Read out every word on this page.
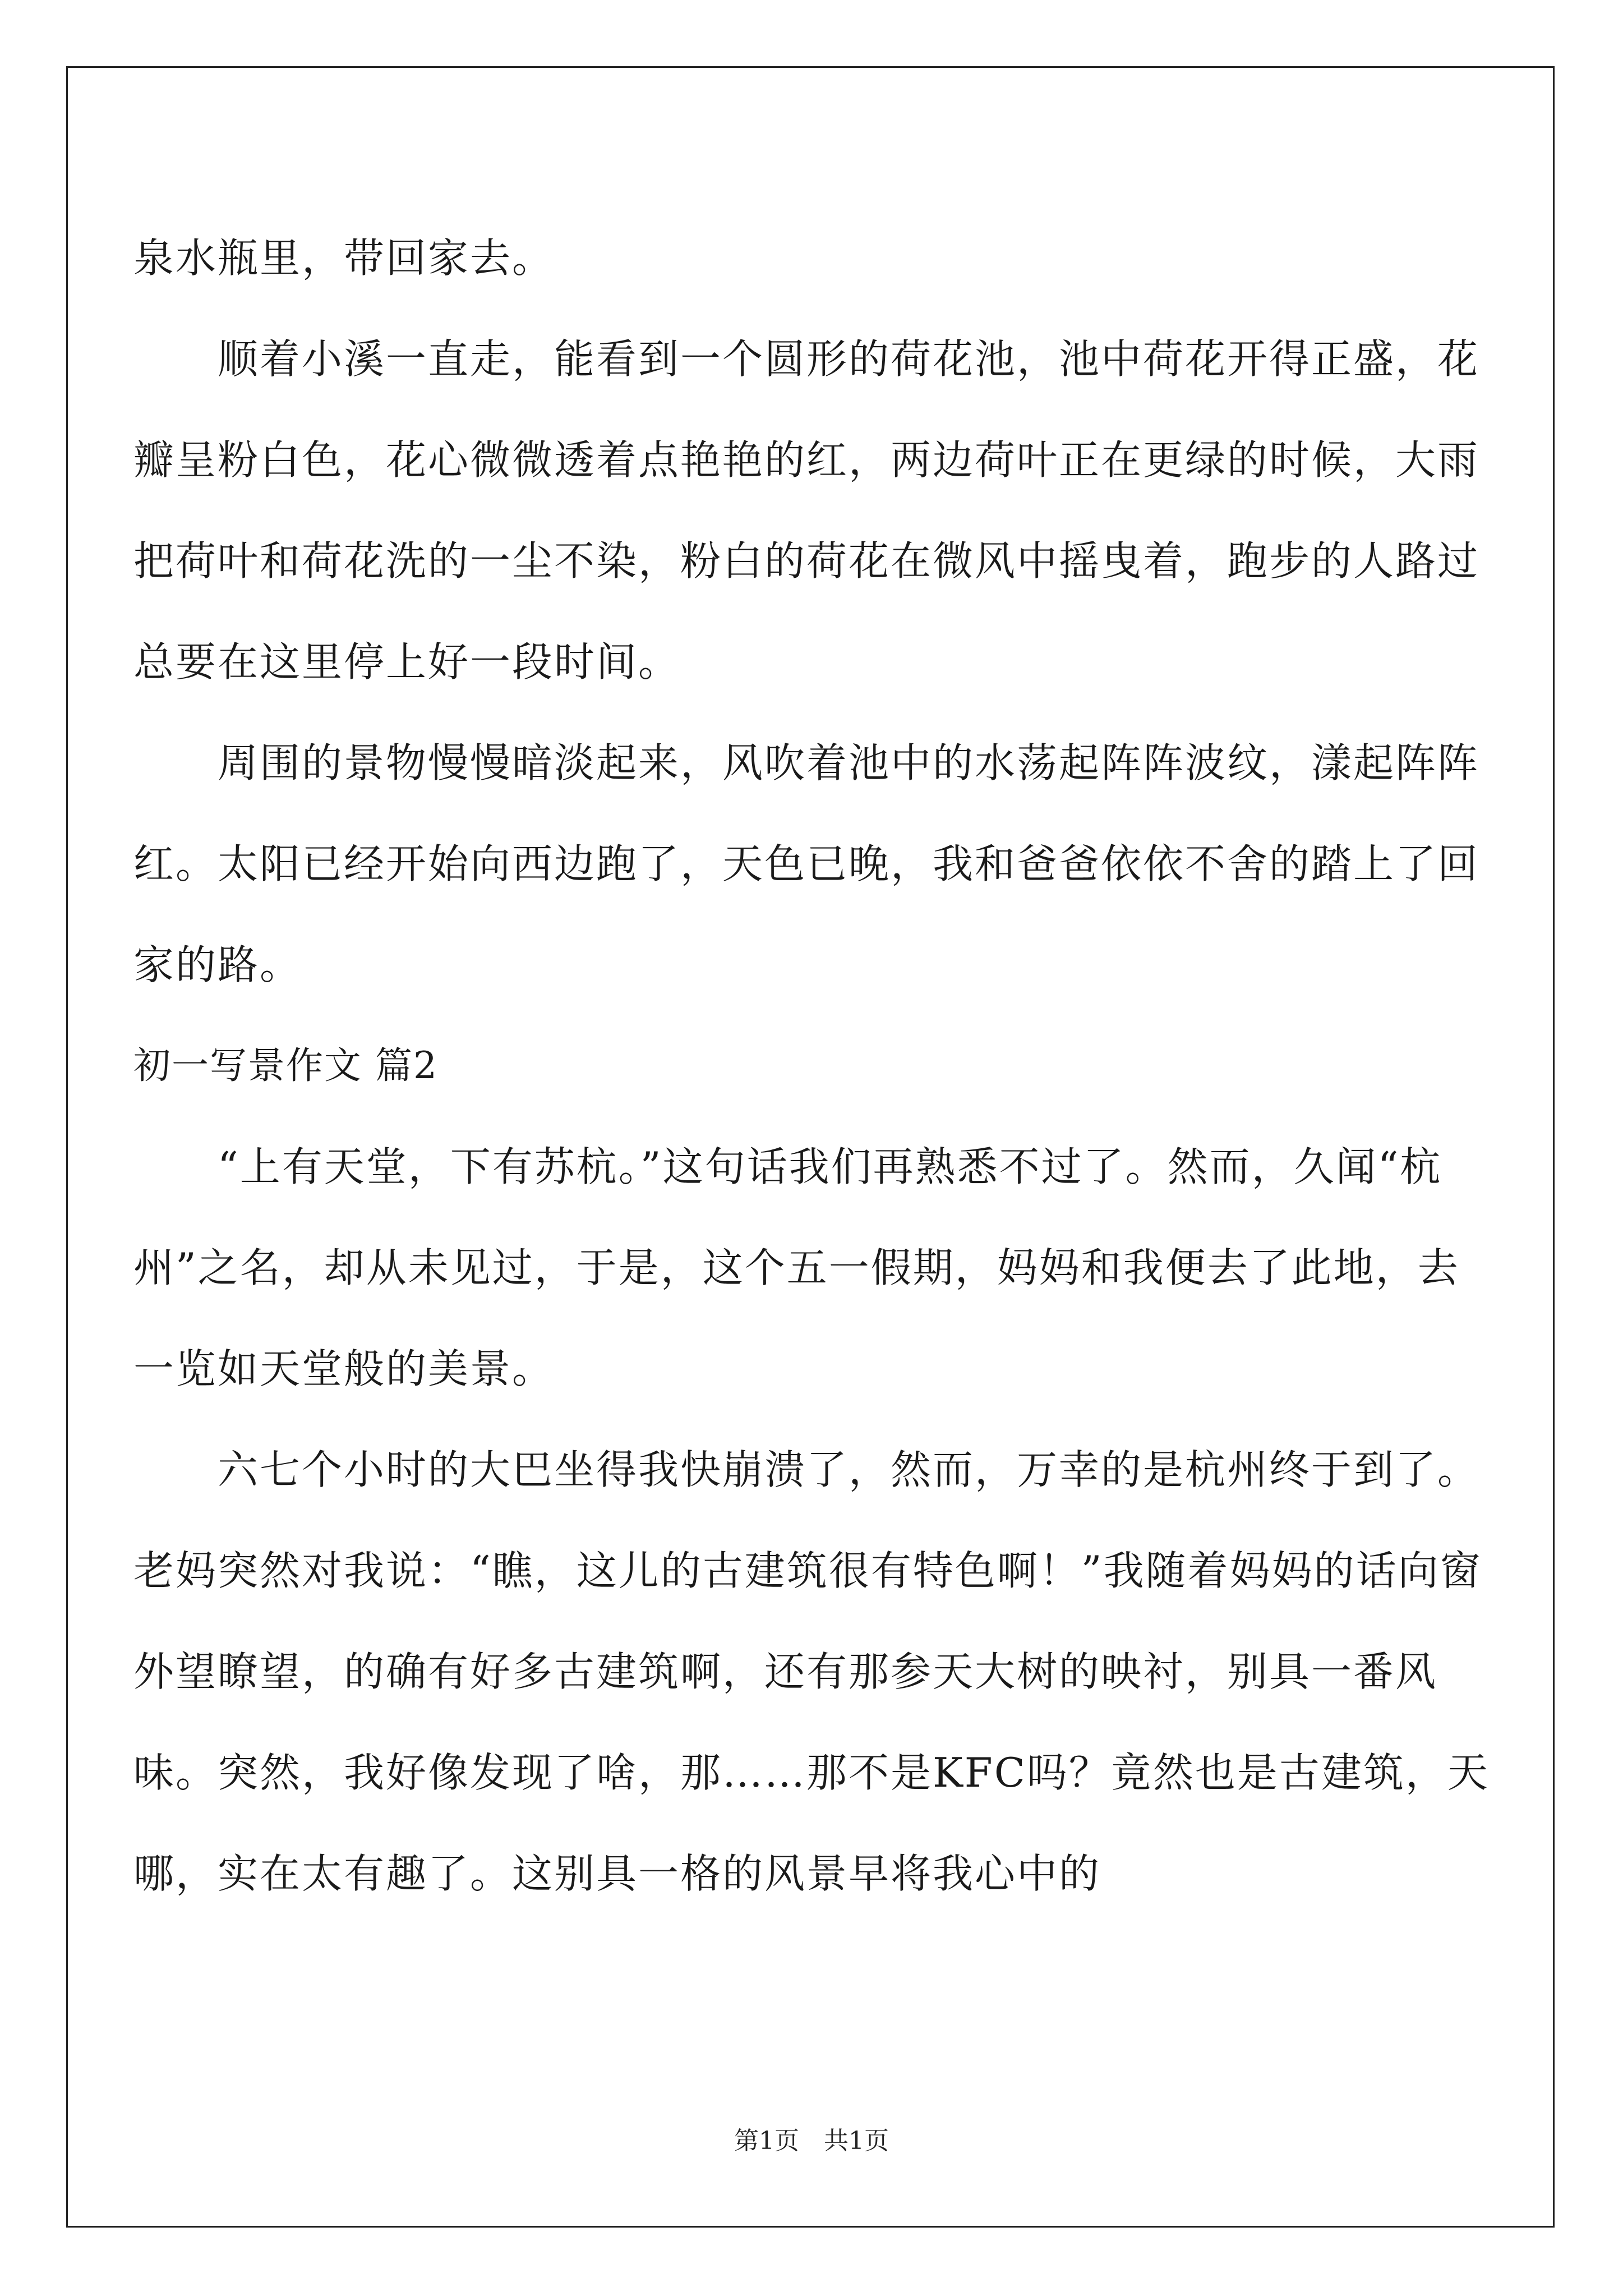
泉水瓶里，带回家去。

顺着小溪一直走，能看到一个圆形的荷花池，池中荷花开得正盛，花瓣呈粉白色，花心微微透着点艳艳的红，两边荷叶正在更绿的时候，大雨把荷叶和荷花洗的一尘不染，粉白的荷花在微风中摇曳着，跑步的人路过总要在这里停上好一段时间。

周围的景物慢慢暗淡起来，风吹着池中的水荡起阵阵波纹，漾起阵阵红。太阳已经开始向西边跑了，天色已晚，我和爸爸依依不舍的踏上了回家的路。

初一写景作文 篇2

“上有天堂，下有苏杭。”这句话我们再熟悉不过了。然而，久闻“杭州”之名，却从未见过，于是，这个五一假期，妈妈和我便去了此地，去一览如天堂般的美景。

六七个小时的大巴坐得我快崩溃了，然而，万幸的是杭州终于到了。老妈突然对我说：“瞧，这儿的古建筑很有特色啊！”我随着妈妈的话向窗外望瞭望，的确有好多古建筑啊，还有那参天大树的映衬，别具一番风味。突然，我好像发现了啥，那……那不是KFC吗？竟然也是古建筑，天哪，实在太有趣了。这别具一格的风景早将我心中的

第1页　共1页
